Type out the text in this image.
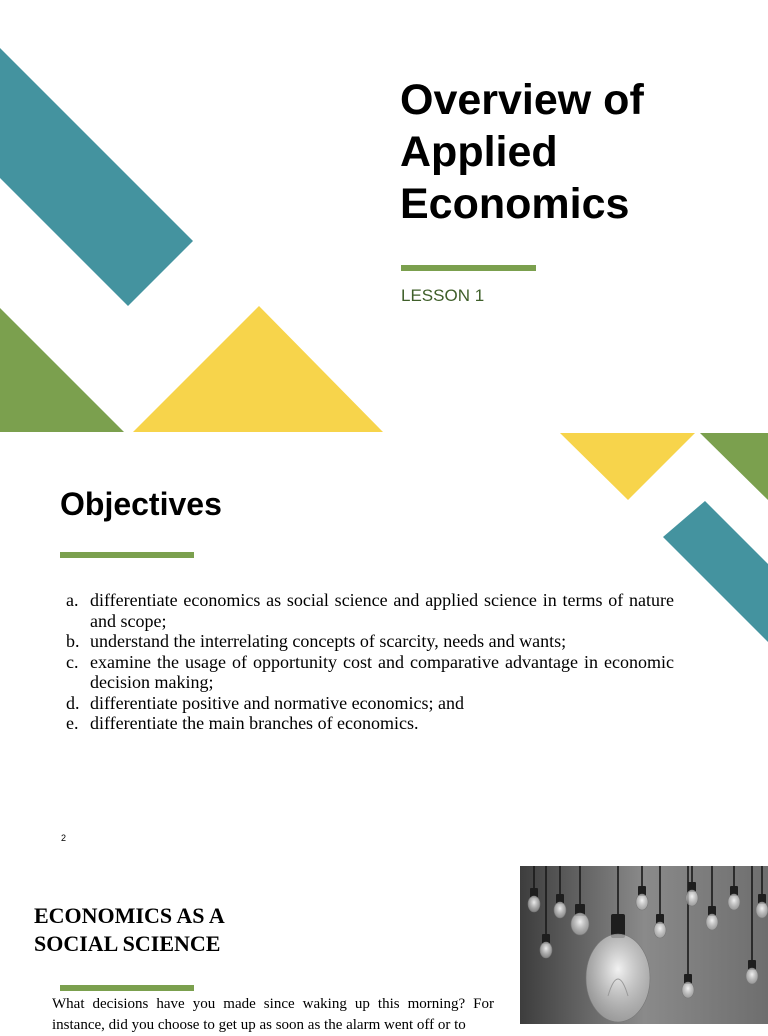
Overview of
Applied
Economics

LESSON 1

Objectives
a. differentiate economics as social science and applied science in terms of nature and scope;
b. understand the interrelating concepts of scarcity, needs and wants;
c. examine the usage of opportunity cost and comparative advantage in economic decision making;
d. differentiate positive and normative economics; and
e. differentiate the main branches of economics.

2

ECONOMICS AS A
SOCIAL SCIENCE

What decisions have you made since waking up this morning? For instance, did you choose to get up as soon as the alarm went off or to
